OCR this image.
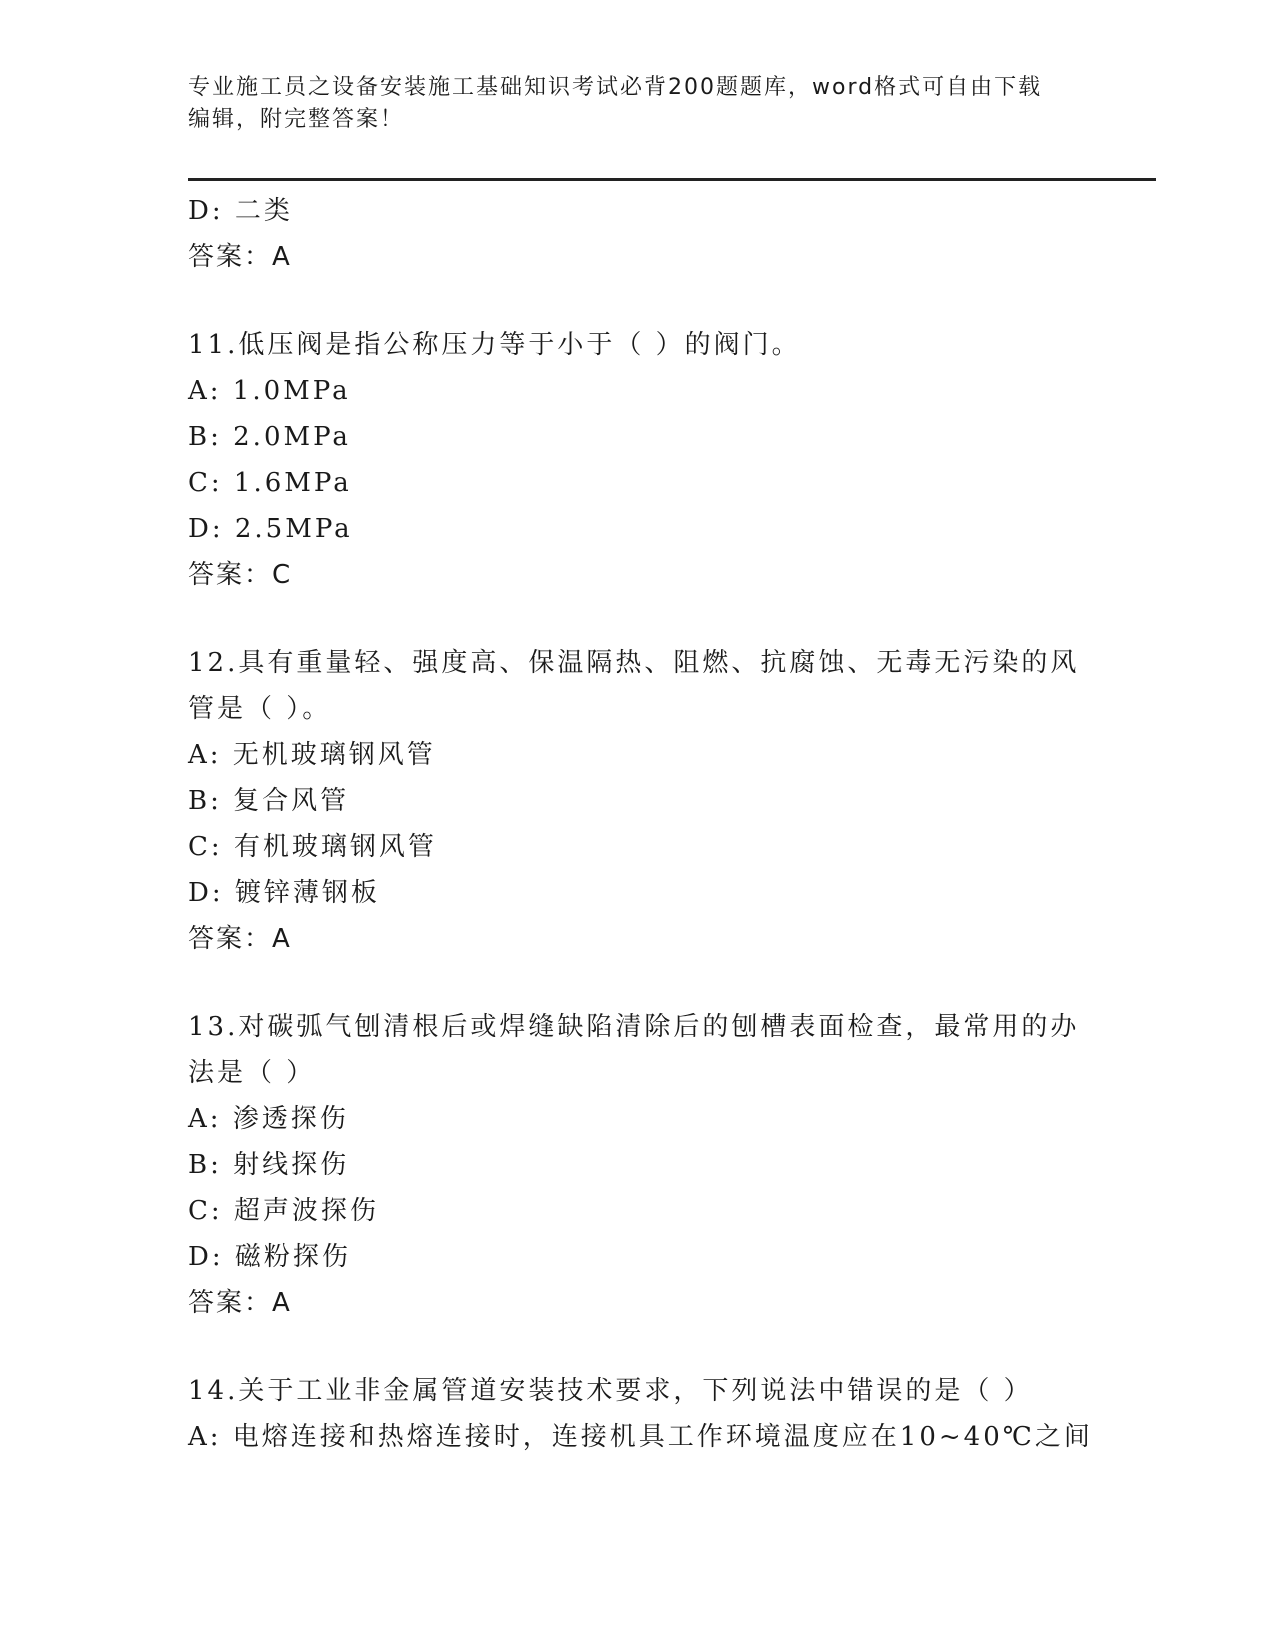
专业施工员之设备安装施工基础知识考试必背200题题库，word格式可自由下载
编辑，附完整答案！

D: 二类

答案：A

11.低压阀是指公称压力等于小于（ ）的阀门。

A: 1.0MPa

B: 2.0MPa

C: 1.6MPa

D: 2.5MPa

答案：C

12.具有重量轻、强度高、保温隔热、阻燃、抗腐蚀、无毒无污染的风

管是（ ）。

A: 无机玻璃钢风管

B: 复合风管

C: 有机玻璃钢风管

D: 镀锌薄钢板

答案：A

13.对碳弧气刨清根后或焊缝缺陷清除后的刨槽表面检查，最常用的办

法是（ ）

A: 渗透探伤

B: 射线探伤

C: 超声波探伤

D: 磁粉探伤

答案：A

14.关于工业非金属管道安装技术要求，下列说法中错误的是（ ）

A: 电熔连接和热熔连接时，连接机具工作环境温度应在10~40℃之间
